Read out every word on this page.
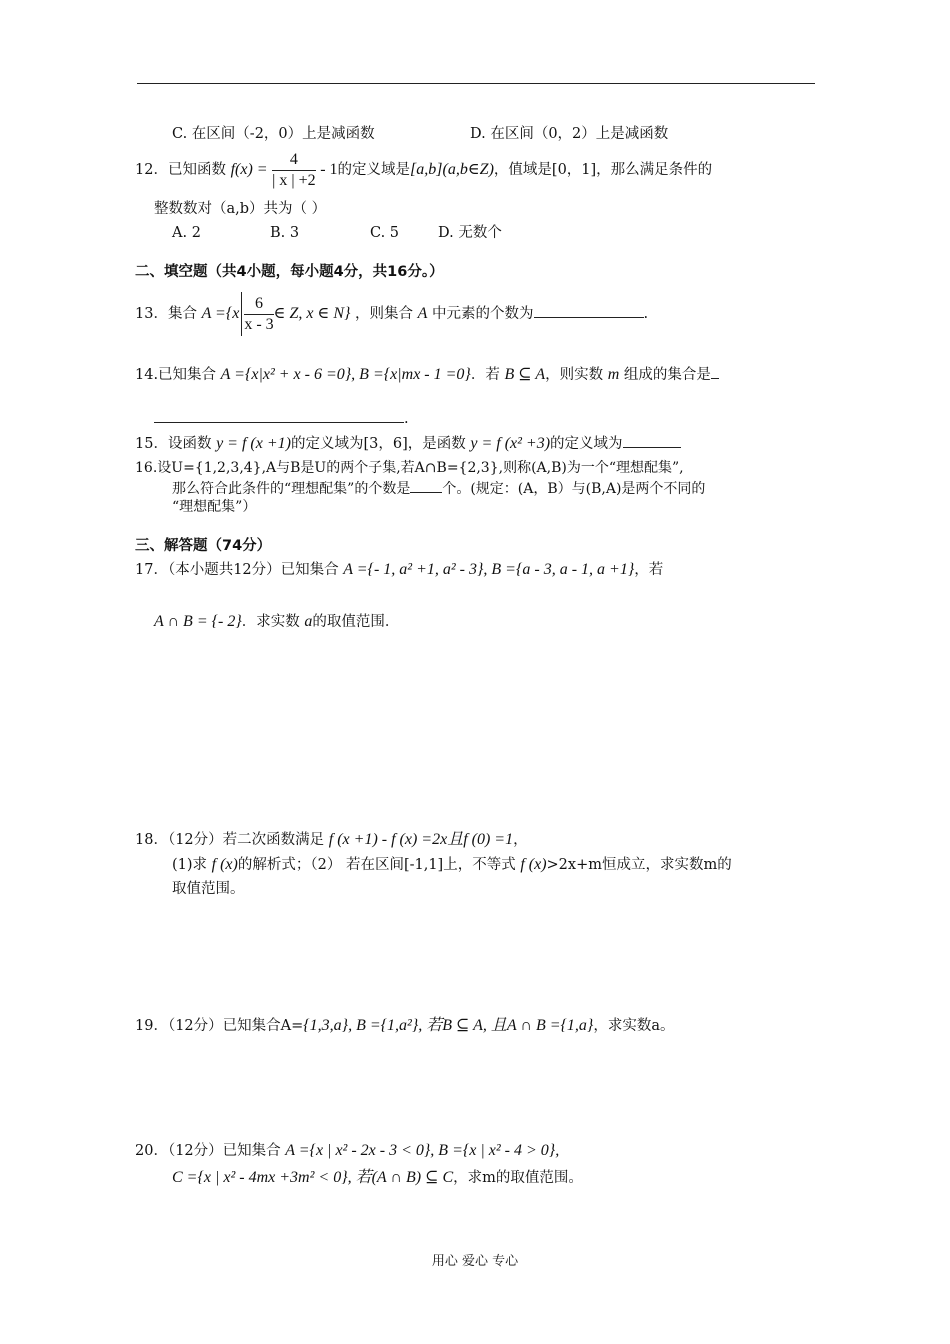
C. 在区间（-2，0）上是减函数	D. 在区间（0，2）上是减函数
12．已知函数 $f(x) = \frac{4}{| x | +2} - 1$的定义域是[a,b](a,b∈Z)，值域是[0，1]，那么满足条件的
整数数对（a,b）共为（ ）
A. 2	B. 3	C. 5	D. 无数个
二、填空题（共4小题，每小题4分，共16分。）
13．集合 $A =\{x \frac{6}{x - 3}$ ∈ Z, x ∈ N} ，则集合 A 中元素的个数为	.
14.已知集合 A ={x|x² + x - 6 =0}, B ={x|mx - 1 =0}．若 B ⊆ A，则实数 m 组成的集合是
.
15．设函数 y = f (x +1)的定义域为[3，6]，是函数 y = f (x² +3)的定义域为
16.设U={1,2,3,4},A与B是U的两个子集,若A∩B={2,3},则称(A,B)为一个“理想配集”,
那么符合此条件的“理想配集”的个数是 个。(规定：(A，B）与(B,A)是两个不同的
“理想配集”）
三、解答题（74分）
17．（本小题共12分）已知集合 A ={- 1, a² +1, a² - 3}, B ={a - 3, a - 1, a +1}，若
A ∩ B = {- 2}．求实数 a的取值范围．
18．（12分）若二次函数满足 f (x +1) - f (x) =2x且f (0) =1，
(1)求 f (x)的解析式；（2） 若在区间[-1,1]上，不等式 f (x)>2x+m恒成立，求实数m的
取值范围。
19．（12分）已知集合A={1,3,a}, B ={1,a²}, 若B ⊆ A, 且A ∩ B ={1,a}，求实数a。
20．（12分）已知集合 A ={x | x² - 2x - 3 < 0}, B ={x | x² - 4 > 0},
C ={x | x² - 4mx +3m² < 0}, 若(A ∩ B) ⊆ C，求m的取值范围。
用心 爱心 专心
